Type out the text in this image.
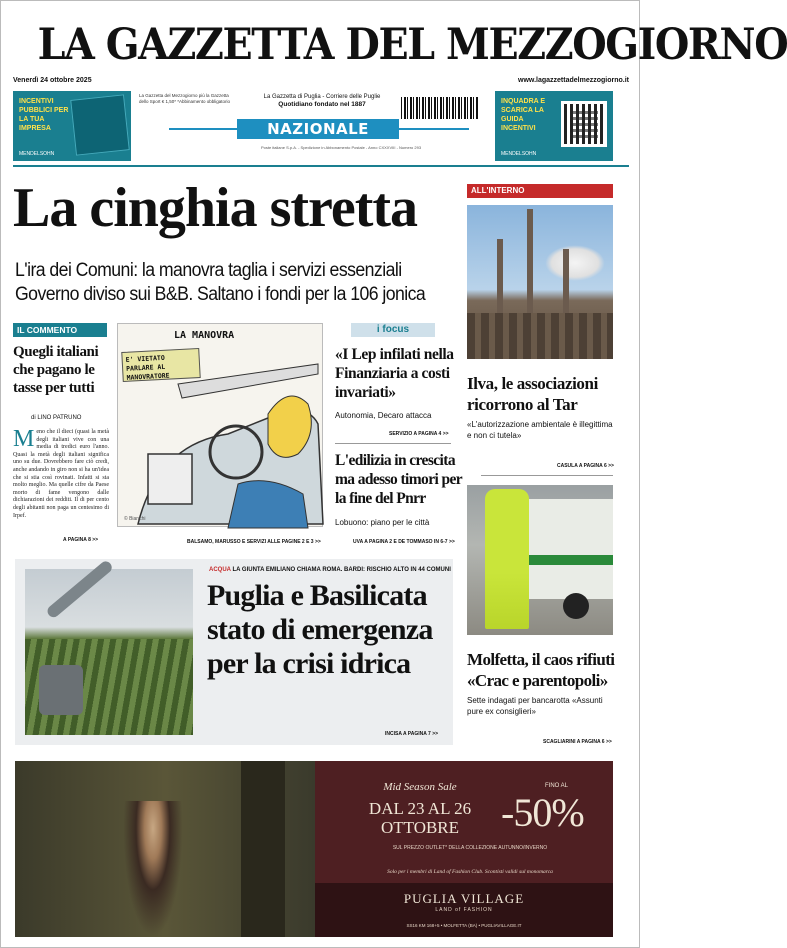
LA GAZZETTA DEL MEZZOGIORNO
Venerdì 24 ottobre 2025	www.lagazzettadelmezzogiorno.it
INCENTIVI PUBBLICI PER LA TUA IMPRESA
MENDELSOHN
La Gazzetta del Mezzogiorno più la Gazzetta dello Sport € 1,50* *Abbinamento obbligatorio
La Gazzetta di Puglia - Corriere delle Puglie
Quotidiano fondato nel 1887
NAZIONALE
Poste italiane S.p.A. - Spedizione in Abbonamento Postale - Anno CXXXVIII - Numero 293
INQUADRA E SCARICA LA GUIDA INCENTIVI
MENDELSOHN
La cinghia stretta
L'ira dei Comuni: la manovra taglia i servizi essenziali
Governo diviso sui B&B. Saltano i fondi per la 106 jonica
IL COMMENTO
Quegli italiani che pagano le tasse per tutti
di LINO PATRUNO
Meno che il dieci (quasi la metà degli italiani vive con una media di tredici euro l'anno. Quasi la metà degli italiani significa uno su due. Dovrebbero fare ciò credi, anche andando in giro non si ha un'idea che si stia così rovinati. Infatti si sta molto meglio. Ma quelle cifre da Paese morto di fame vengono dalle dichiarazioni dei redditi. Il di per cento degli abitanti non paga un centesimo di Irpef.
A PAGINA 8 >>
LA MANOVRA
E' VIETATO PARLARE AL MANOVRATORE
© Bianchi
BALSAMO, MARUSSO E SERVIZI ALLE PAGINE 2 E 3 >>
i focus
«I Lep infilati nella Finanziaria a costi invariati»
Autonomia, Decaro attacca
SERVIZIO A PAGINA 4 >>
L'edilizia in crescita ma adesso timori per la fine del Pnrr
Lobuono: piano per le città
UVA A PAGINA 2 E DE TOMMASO IN 6-7 >>
ALL'INTERNO
Ilva, le associazioni ricorrono al Tar
«L'autorizzazione ambientale è illegittima e non ci tutela»
CASULA A PAGINA 6 >>
Molfetta, il caos rifiuti «Crac e parentopoli»
Sette indagati per bancarotta «Assunti pure ex consiglieri»
SCAGLIARINI A PAGINA 6 >>
ACQUA LA GIUNTA EMILIANO CHIAMA ROMA. BARDI: RISCHIO ALTO IN 44 COMUNI
Puglia e Basilicata stato di emergenza per la crisi idrica
INCISA A PAGINA 7 >>
Mid Season Sale
DAL 23 AL 26 OTTOBRE
FINO AL
-50%
SUL PREZZO OUTLET* DELLA COLLEZIONE AUTUNNO/INVERNO
Solo per i membri di Land of Fashion Club. Scontisti validi sul monomarca
PUGLIA VILLAGE
LAND of FASHION
SS16 KM 168+5 • MOLFETTA (BA) • PUGLIAVILLAGE.IT
